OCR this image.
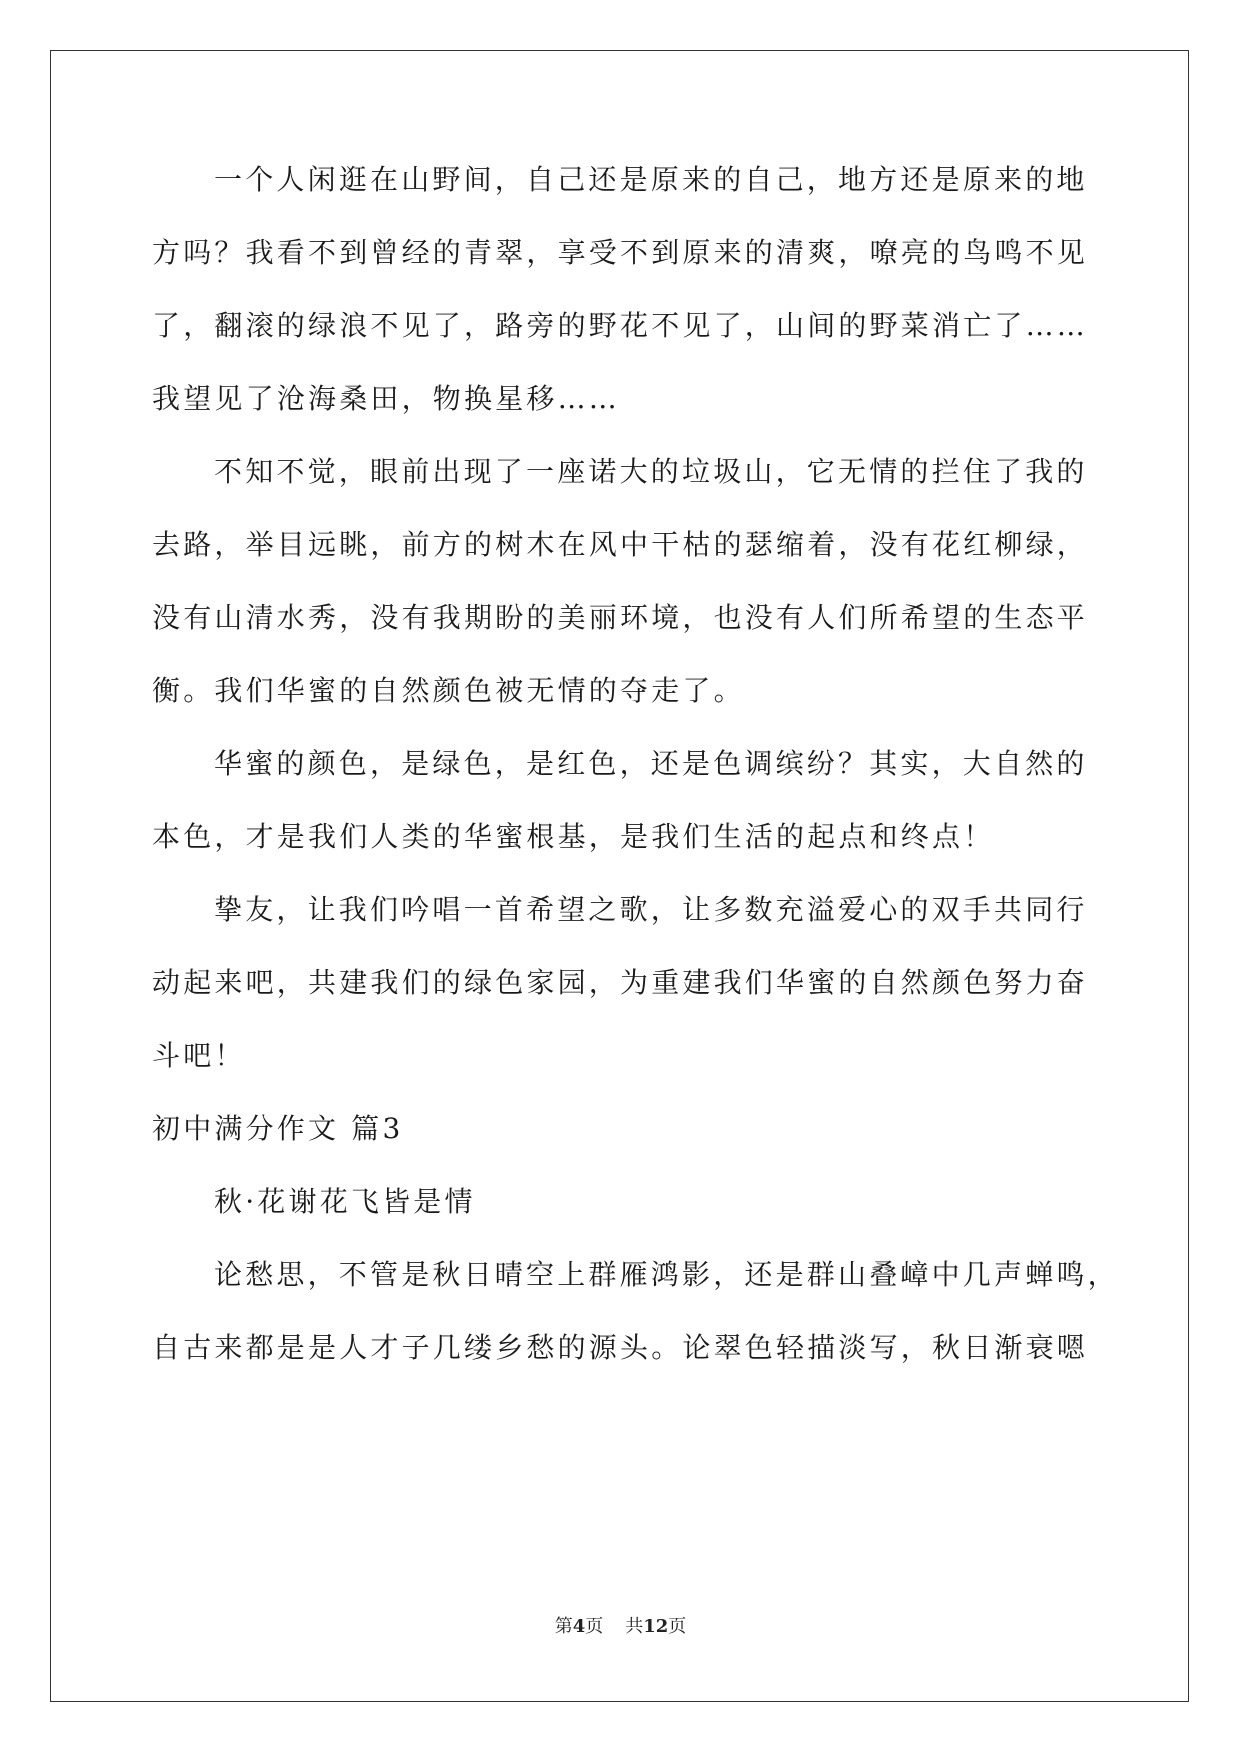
一个人闲逛在山野间，自己还是原来的自己，地方还是原来的地
方吗？我看不到曾经的青翠，享受不到原来的清爽，嘹亮的鸟鸣不见
了，翻滚的绿浪不见了，路旁的野花不见了，山间的野菜消亡了……
我望见了沧海桑田，物换星移……
不知不觉，眼前出现了一座诺大的垃圾山，它无情的拦住了我的
去路，举目远眺，前方的树木在风中干枯的瑟缩着，没有花红柳绿，
没有山清水秀，没有我期盼的美丽环境，也没有人们所希望的生态平
衡。我们华蜜的自然颜色被无情的夺走了。
华蜜的颜色，是绿色，是红色，还是色调缤纷？其实，大自然的
本色，才是我们人类的华蜜根基，是我们生活的起点和终点！
挚友，让我们吟唱一首希望之歌，让多数充溢爱心的双手共同行
动起来吧，共建我们的绿色家园，为重建我们华蜜的自然颜色努力奋
斗吧！
初中满分作文 篇3
秋·花谢花飞皆是情
论愁思，不管是秋日晴空上群雁鸿影，还是群山叠嶂中几声蝉鸣，
自古来都是是人才子几缕乡愁的源头。论翠色轻描淡写，秋日渐衰嗯
第4页 共12页
